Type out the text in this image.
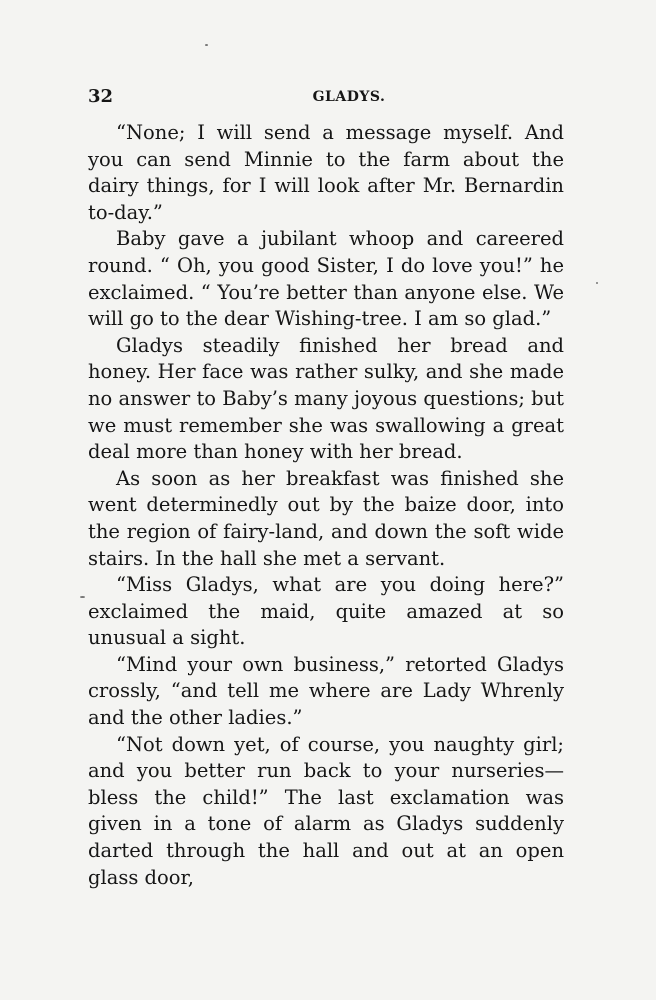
32	GLADYS.

“None; I will send a message myself. And you can send Minnie to the farm about the dairy things, for I will look after Mr. Bernardin to-day.”

Baby gave a jubilant whoop and careered round. “ Oh, you good Sister, I do love you!” he exclaimed. “ You’re better than anyone else. We will go to the dear Wishing-tree. I am so glad.”

Gladys steadily finished her bread and honey. Her face was rather sulky, and she made no answer to Baby’s many joyous questions; but we must remember she was swallowing a great deal more than honey with her bread.

As soon as her breakfast was finished she went determinedly out by the baize door, into the region of fairy-land, and down the soft wide stairs. In the hall she met a servant.

“Miss Gladys, what are you doing here?” exclaimed the maid, quite amazed at so unusual a sight.

“Mind your own business,” retorted Gladys crossly, “and tell me where are Lady Whrenly and the other ladies.”

“Not down yet, of course, you naughty girl; and you better run back to your nurseries—bless the child!” The last exclamation was given in a tone of alarm as Gladys suddenly darted through the hall and out at an open glass door,
